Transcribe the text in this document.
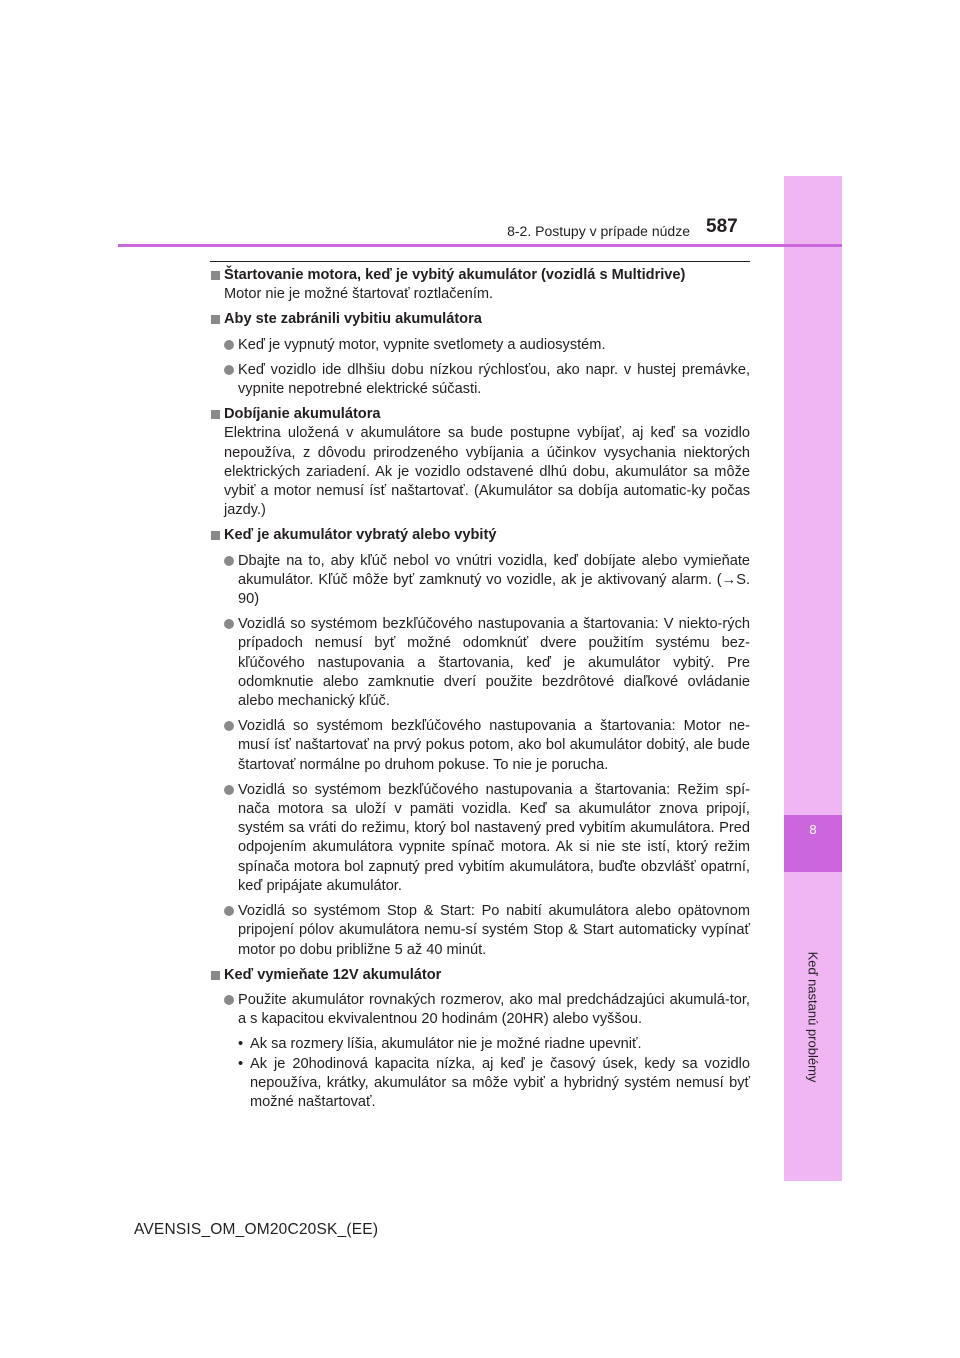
8
Keď nastanú problémy
8-2. Postupy v prípade núdze 587
Štartovanie motora, keď je vybitý akumulátor (vozidlá s Multidrive)
Motor nie je možné štartovať roztlačením.
Aby ste zabránili vybitiu akumulátora
Keď je vypnutý motor, vypnite svetlomety a audiosystém.
Keď vozidlo ide dlhšiu dobu nízkou rýchlosťou, ako napr. v hustej premávke, vypnite nepotrebné elektrické súčasti.
Dobíjanie akumulátora
Elektrina uložená v akumulátore sa bude postupne vybíjať, aj keď sa vozidlo nepoužíva, z dôvodu prirodzeného vybíjania a účinkov vysychania niektorých elektrických zariadení. Ak je vozidlo odstavené dlhú dobu, akumulátor sa môže vybiť a motor nemusí ísť naštartovať. (Akumulátor sa dobíja automatic-ky počas jazdy.)
Keď je akumulátor vybratý alebo vybitý
Dbajte na to, aby kľúč nebol vo vnútri vozidla, keď dobíjate alebo vymieňate akumulátor. Kľúč môže byť zamknutý vo vozidle, ak je aktivovaný alarm. (→S. 90)
Vozidlá so systémom bezkľúčového nastupovania a štartovania: V niekto-rých prípadoch nemusí byť možné odomknúť dvere použitím systému bez-kľúčového nastupovania a štartovania, keď je akumulátor vybitý. Pre odomknutie alebo zamknutie dverí použite bezdrôtové diaľkové ovládanie alebo mechanický kľúč.
Vozidlá so systémom bezkľúčového nastupovania a štartovania: Motor ne-musí ísť naštartovať na prvý pokus potom, ako bol akumulátor dobitý, ale bude štartovať normálne po druhom pokuse. To nie je porucha.
Vozidlá so systémom bezkľúčového nastupovania a štartovania: Režim spí-nača motora sa uloží v pamäti vozidla. Keď sa akumulátor znova pripojí, systém sa vráti do režimu, ktorý bol nastavený pred vybitím akumulátora. Pred odpojením akumulátora vypnite spínač motora. Ak si nie ste istí, ktorý režim spínača motora bol zapnutý pred vybitím akumulátora, buďte obzvlášť opatrní, keď pripájate akumulátor.
Vozidlá so systémom Stop & Start: Po nabití akumulátora alebo opätovnom pripojení pólov akumulátora nemu-sí systém Stop & Start automaticky vypínať motor po dobu približne 5 až 40 minút.
Keď vymieňate 12V akumulátor
Použite akumulátor rovnakých rozmerov, ako mal predchádzajúci akumulá-tor, a s kapacitou ekvivalentnou 20 hodinám (20HR) alebo vyššou.
• Ak sa rozmery líšia, akumulátor nie je možné riadne upevniť.
• Ak je 20hodinová kapacita nízka, aj keď je časový úsek, kedy sa vozidlo nepoužíva, krátky, akumulátor sa môže vybiť a hybridný systém nemusí byť možné naštartovať.
AVENSIS_OM_OM20C20SK_(EE)
